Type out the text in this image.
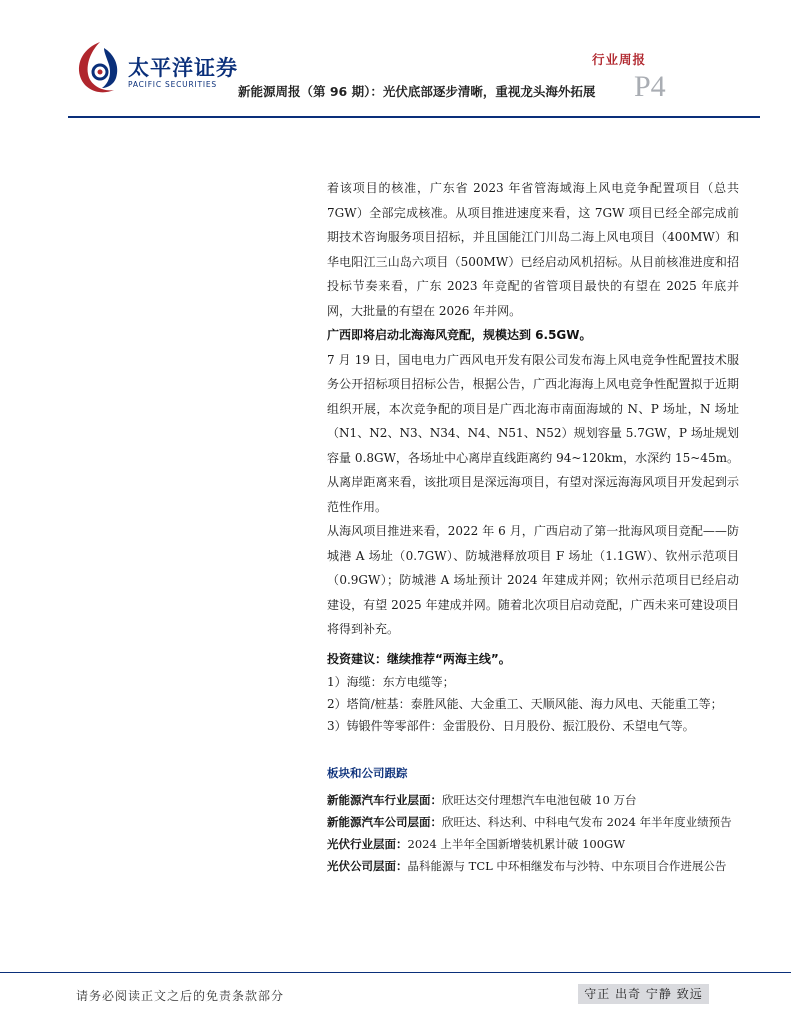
太平洋证券
PACIFIC SECURITIES
行业周报
新能源周报（第 96 期）：光伏底部逐步清晰，重视龙头海外拓展 P4

着该项目的核准，广东省 2023 年省管海域海上风电竞争配置项目（总共 7GW）全部完成核准。从项目推进速度来看，这 7GW 项目已经全部完成前期技术咨询服务项目招标，并且国能江门川岛二海上风电项目（400MW）和华电阳江三山岛六项目（500MW）已经启动风机招标。从目前核准进度和招投标节奏来看，广东 2023 年竞配的省管项目最快的有望在 2025 年底并网，大批量的有望在 2026 年并网。

广西即将启动北海海风竞配，规模达到 6.5GW。

7 月 19 日，国电电力广西风电开发有限公司发布海上风电竞争性配置技术服务公开招标项目招标公告，根据公告，广西北海海上风电竞争性配置拟于近期组织开展，本次竞争配的项目是广西北海市南面海域的 N、P 场址，N 场址（N1、N2、N3、N34、N4、N51、N52）规划容量 5.7GW，P 场址规划容量 0.8GW，各场址中心离岸直线距离约 94~120km，水深约 15~45m。从离岸距离来看，该批项目是深远海项目，有望对深远海海风项目开发起到示范性作用。

从海风项目推进来看，2022 年 6 月，广西启动了第一批海风项目竞配——防城港 A 场址（0.7GW）、防城港释放项目 F 场址（1.1GW）、钦州示范项目（0.9GW）；防城港 A 场址预计 2024 年建成并网；钦州示范项目已经启动建设，有望 2025 年建成并网。随着北次项目启动竞配，广西未来可建设项目将得到补充。

投资建议：继续推荐“两海主线”。

1）海缆：东方电缆等；

2）塔筒/桩基：泰胜风能、大金重工、天顺风能、海力风电、天能重工等；

3）铸锻件等零部件：金雷股份、日月股份、振江股份、禾望电气等。

板块和公司跟踪

新能源汽车行业层面：欣旺达交付理想汽车电池包破 10 万台

新能源汽车公司层面：欣旺达、科达利、中科电气发布 2024 年半年度业绩预告

光伏行业层面：2024 上半年全国新增装机累计破 100GW

光伏公司层面：晶科能源与 TCL 中环相继发布与沙特、中东项目合作进展公告

请务必阅读正文之后的免责条款部分	守正 出奇 宁静 致远
